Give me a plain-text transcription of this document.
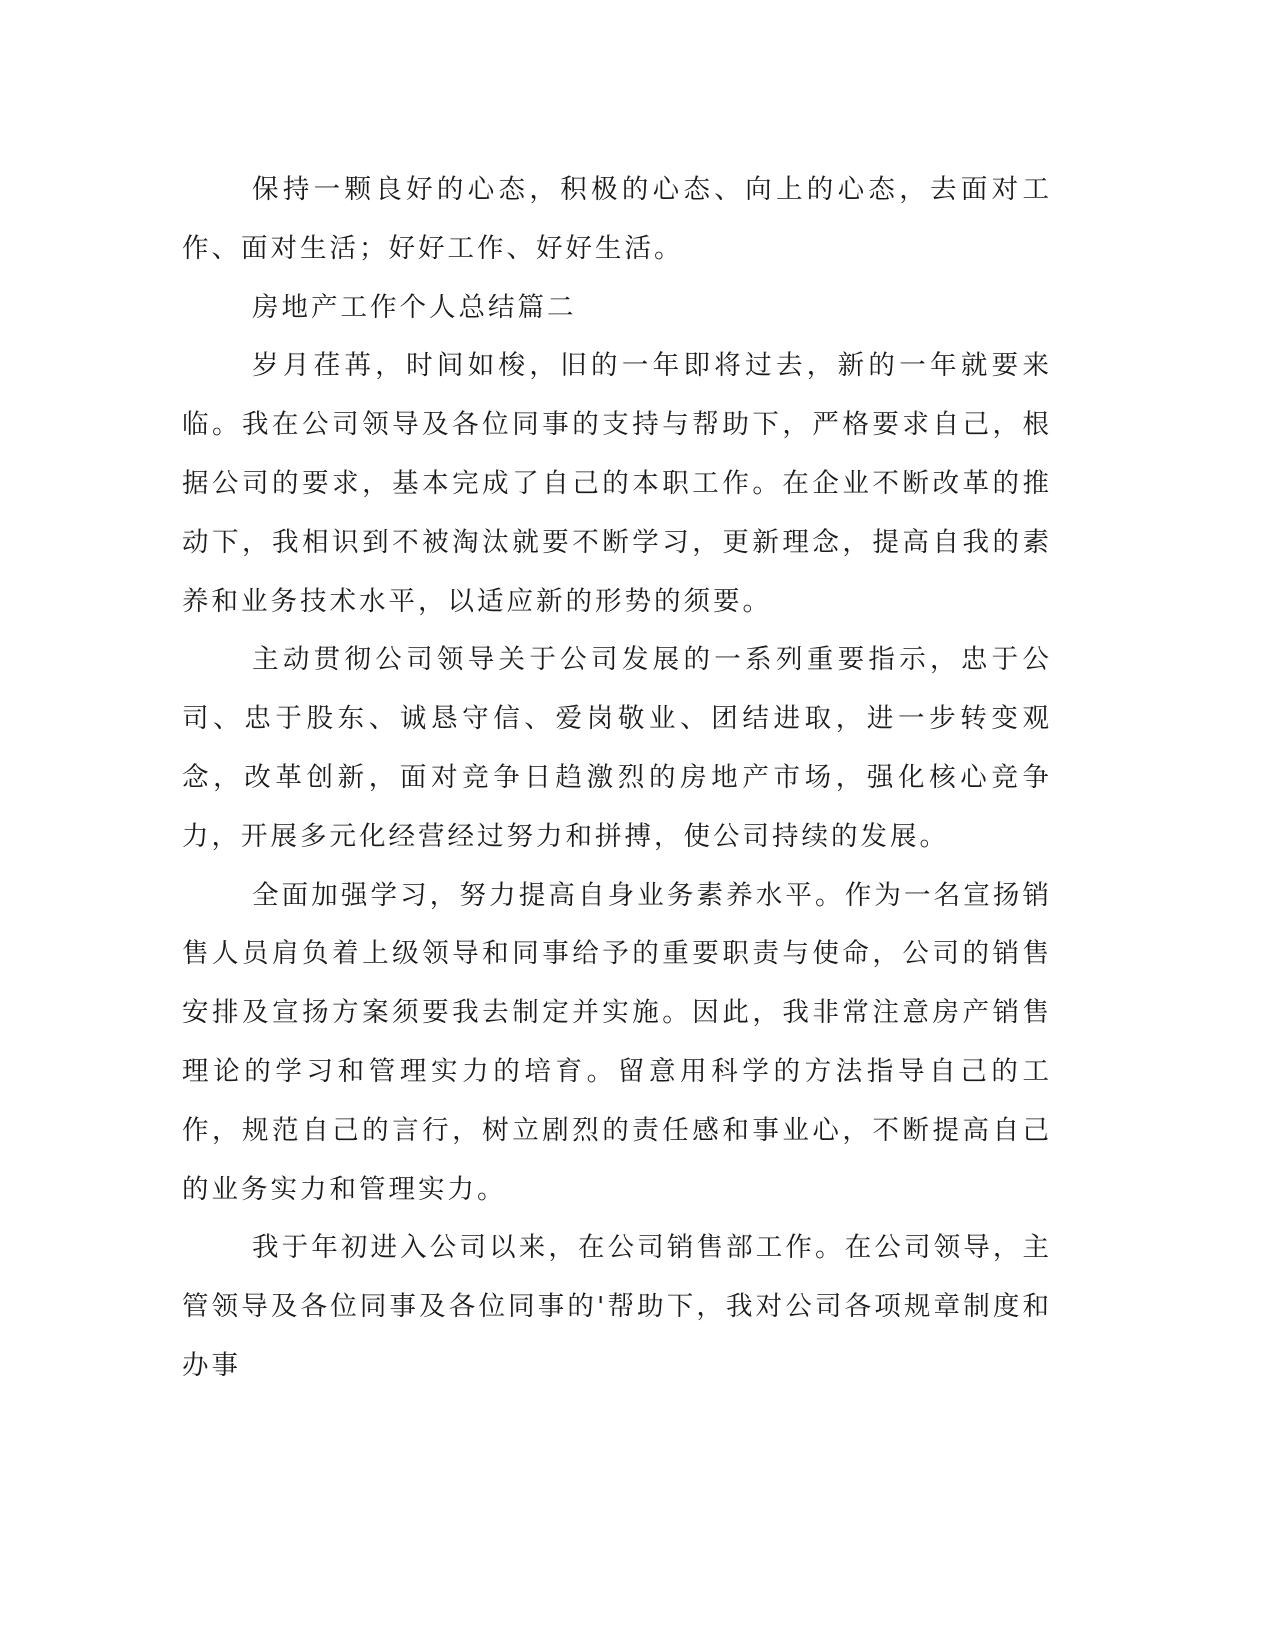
保持一颗良好的心态，积极的心态、向上的心态，去面对工作、面对生活；好好工作、好好生活。

房地产工作个人总结篇二

岁月荏苒，时间如梭，旧的一年即将过去，新的一年就要来临。我在公司领导及各位同事的支持与帮助下，严格要求自己，根据公司的要求，基本完成了自己的本职工作。在企业不断改革的推动下，我相识到不被淘汰就要不断学习，更新理念，提高自我的素养和业务技术水平，以适应新的形势的须要。

主动贯彻公司领导关于公司发展的一系列重要指示，忠于公司、忠于股东、诚恳守信、爱岗敬业、团结进取，进一步转变观念，改革创新，面对竞争日趋激烈的房地产市场，强化核心竞争力，开展多元化经营经过努力和拼搏，使公司持续的发展。

全面加强学习，努力提高自身业务素养水平。作为一名宣扬销售人员肩负着上级领导和同事给予的重要职责与使命，公司的销售安排及宣扬方案须要我去制定并实施。因此，我非常注意房产销售理论的学习和管理实力的培育。留意用科学的方法指导自己的工作，规范自己的言行，树立剧烈的责任感和事业心，不断提高自己的业务实力和管理实力。

我于年初进入公司以来，在公司销售部工作。在公司领导，主管领导及各位同事及各位同事的'帮助下，我对公司各项规章制度和办事
